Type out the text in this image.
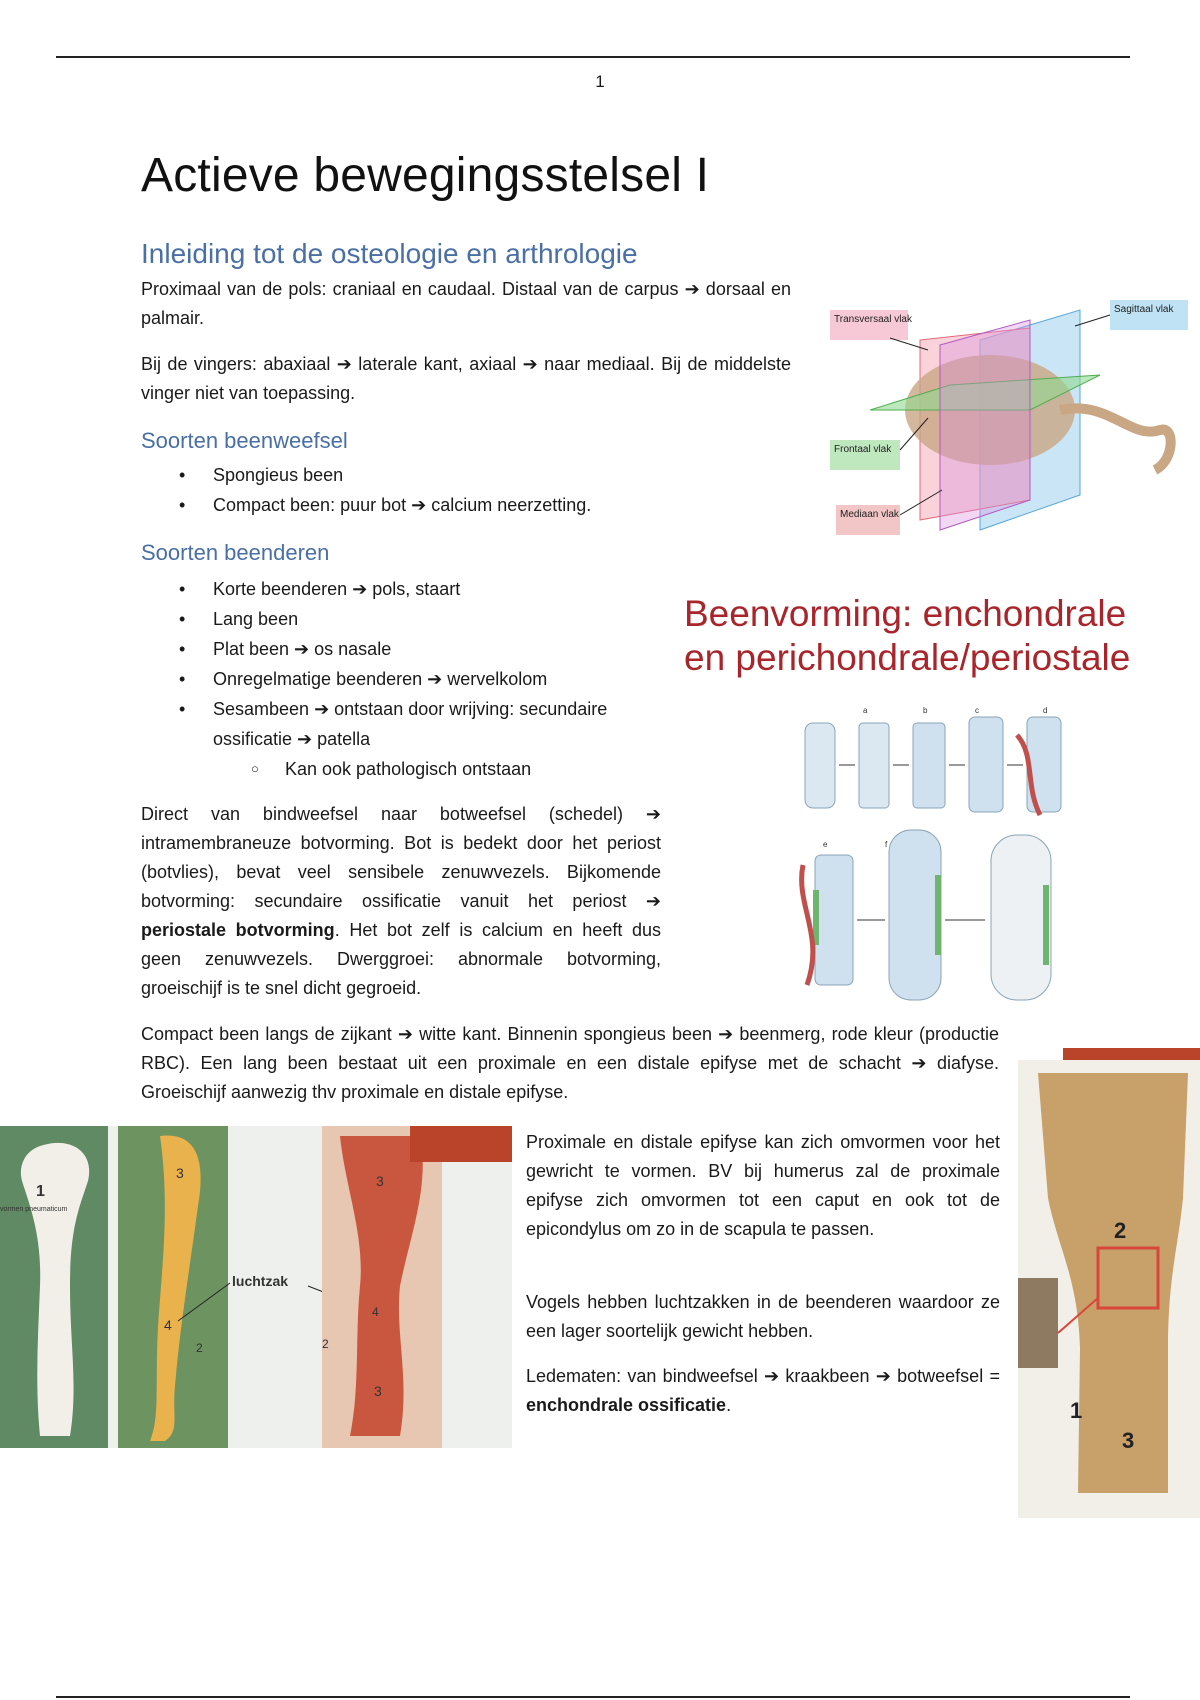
1
Actieve bewegingsstelsel I
Inleiding tot de osteologie en arthrologie
Proximaal van de pols: craniaal en caudaal. Distaal van de carpus ➔ dorsaal en palmair.
Bij de vingers: abaxiaal ➔ laterale kant, axiaal ➔ naar mediaal. Bij de middelste vinger niet van toepassing.
Soorten beenweefsel
• Spongieus been
• Compact been: puur bot ➔ calcium neerzetting.
Soorten beenderen
• Korte beenderen ➔ pols, staart
• Lang been
• Plat been ➔ os nasale
• Onregelmatige beenderen ➔ wervelkolom
• Sesambeen ➔ ontstaan door wrijving: secundaire ossificatie ➔ patella
○ Kan ook pathologisch ontstaan
Direct van bindweefsel naar botweefsel (schedel) ➔ intramembraneuze botvorming. Bot is bedekt door het periost (botvlies), bevat veel sensibele zenuwvezels. Bijkomende botvorming: secundaire ossificatie vanuit het periost ➔ periostale botvorming. Het bot zelf is calcium en heeft dus geen zenuwvezels. Dwerggroei: abnormale botvorming, groeischijf is te snel dicht gegroeid.
Compact been langs de zijkant ➔ witte kant. Binnenin spongieus been ➔ beenmerg, rode kleur (productie RBC). Een lang been bestaat uit een proximale en een distale epifyse met de schacht ➔ diafyse. Groeischijf aanwezig thv proximale en distale epifyse.
Proximale en distale epifyse kan zich omvormen voor het gewricht te vormen. BV bij humerus zal de proximale epifyse zich omvormen tot een caput en ook tot de epicondylus om zo in de scapula te passen.
Vogels hebben luchtzakken in de beenderen waardoor ze een lager soortelijk gewicht hebben.
Ledematen: van bindweefsel ➔ kraakbeen ➔ botweefsel = enchondrale ossificatie.
Transversaal vlak
Sagittaal vlak
Frontaal vlak
Mediaan vlak
Beenvorming: enchondrale
en perichondrale/periostale
a	b	c	d
e	f
1
vormen pneumaticum
3
4
2
luchtzak
3
2
4
3
2
1
3
